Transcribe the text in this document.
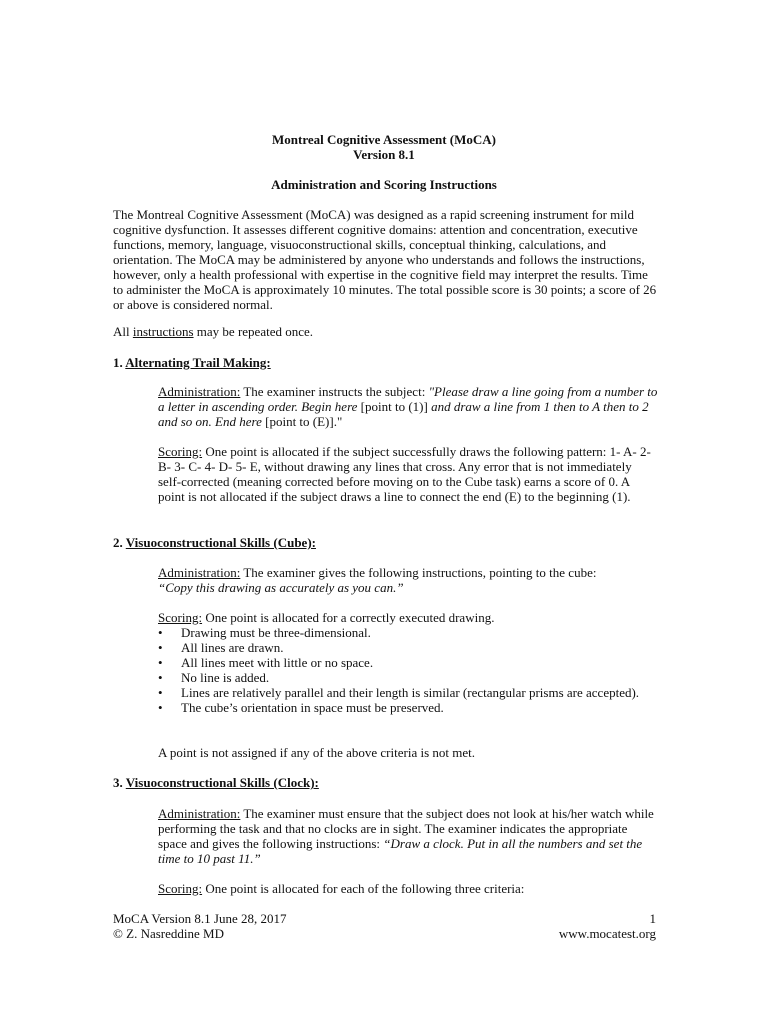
Montreal Cognitive Assessment (MoCA)
Version 8.1
Administration and Scoring Instructions
The Montreal Cognitive Assessment (MoCA) was designed as a rapid screening instrument for mild cognitive dysfunction. It assesses different cognitive domains: attention and concentration, executive functions, memory, language, visuoconstructional skills, conceptual thinking, calculations, and orientation. The MoCA may be administered by anyone who understands and follows the instructions, however, only a health professional with expertise in the cognitive field may interpret the results. Time to administer the MoCA is approximately 10 minutes. The total possible score is 30 points; a score of 26 or above is considered normal.
All instructions may be repeated once.
1. Alternating Trail Making:
Administration: The examiner instructs the subject: "Please draw a line going from a number to a letter in ascending order. Begin here [point to (1)] and draw a line from 1 then to A then to 2 and so on. End here [point to (E)]."
Scoring: One point is allocated if the subject successfully draws the following pattern: 1- A- 2- B- 3- C- 4- D- 5- E, without drawing any lines that cross. Any error that is not immediately self-corrected (meaning corrected before moving on to the Cube task) earns a score of 0. A point is not allocated if the subject draws a line to connect the end (E) to the beginning (1).
2. Visuoconstructional Skills (Cube):
Administration: The examiner gives the following instructions, pointing to the cube:
“Copy this drawing as accurately as you can.”
Scoring: One point is allocated for a correctly executed drawing.
• Drawing must be three-dimensional.
• All lines are drawn.
• All lines meet with little or no space.
• No line is added.
• Lines are relatively parallel and their length is similar (rectangular prisms are accepted).
• The cube’s orientation in space must be preserved.
A point is not assigned if any of the above criteria is not met.
3. Visuoconstructional Skills (Clock):
Administration: The examiner must ensure that the subject does not look at his/her watch while performing the task and that no clocks are in sight. The examiner indicates the appropriate space and gives the following instructions: “Draw a clock. Put in all the numbers and set the time to 10 past 11.”
Scoring: One point is allocated for each of the following three criteria:
MoCA Version 8.1 June 28, 2017
© Z. Nasreddine MD
1
www.mocatest.org
